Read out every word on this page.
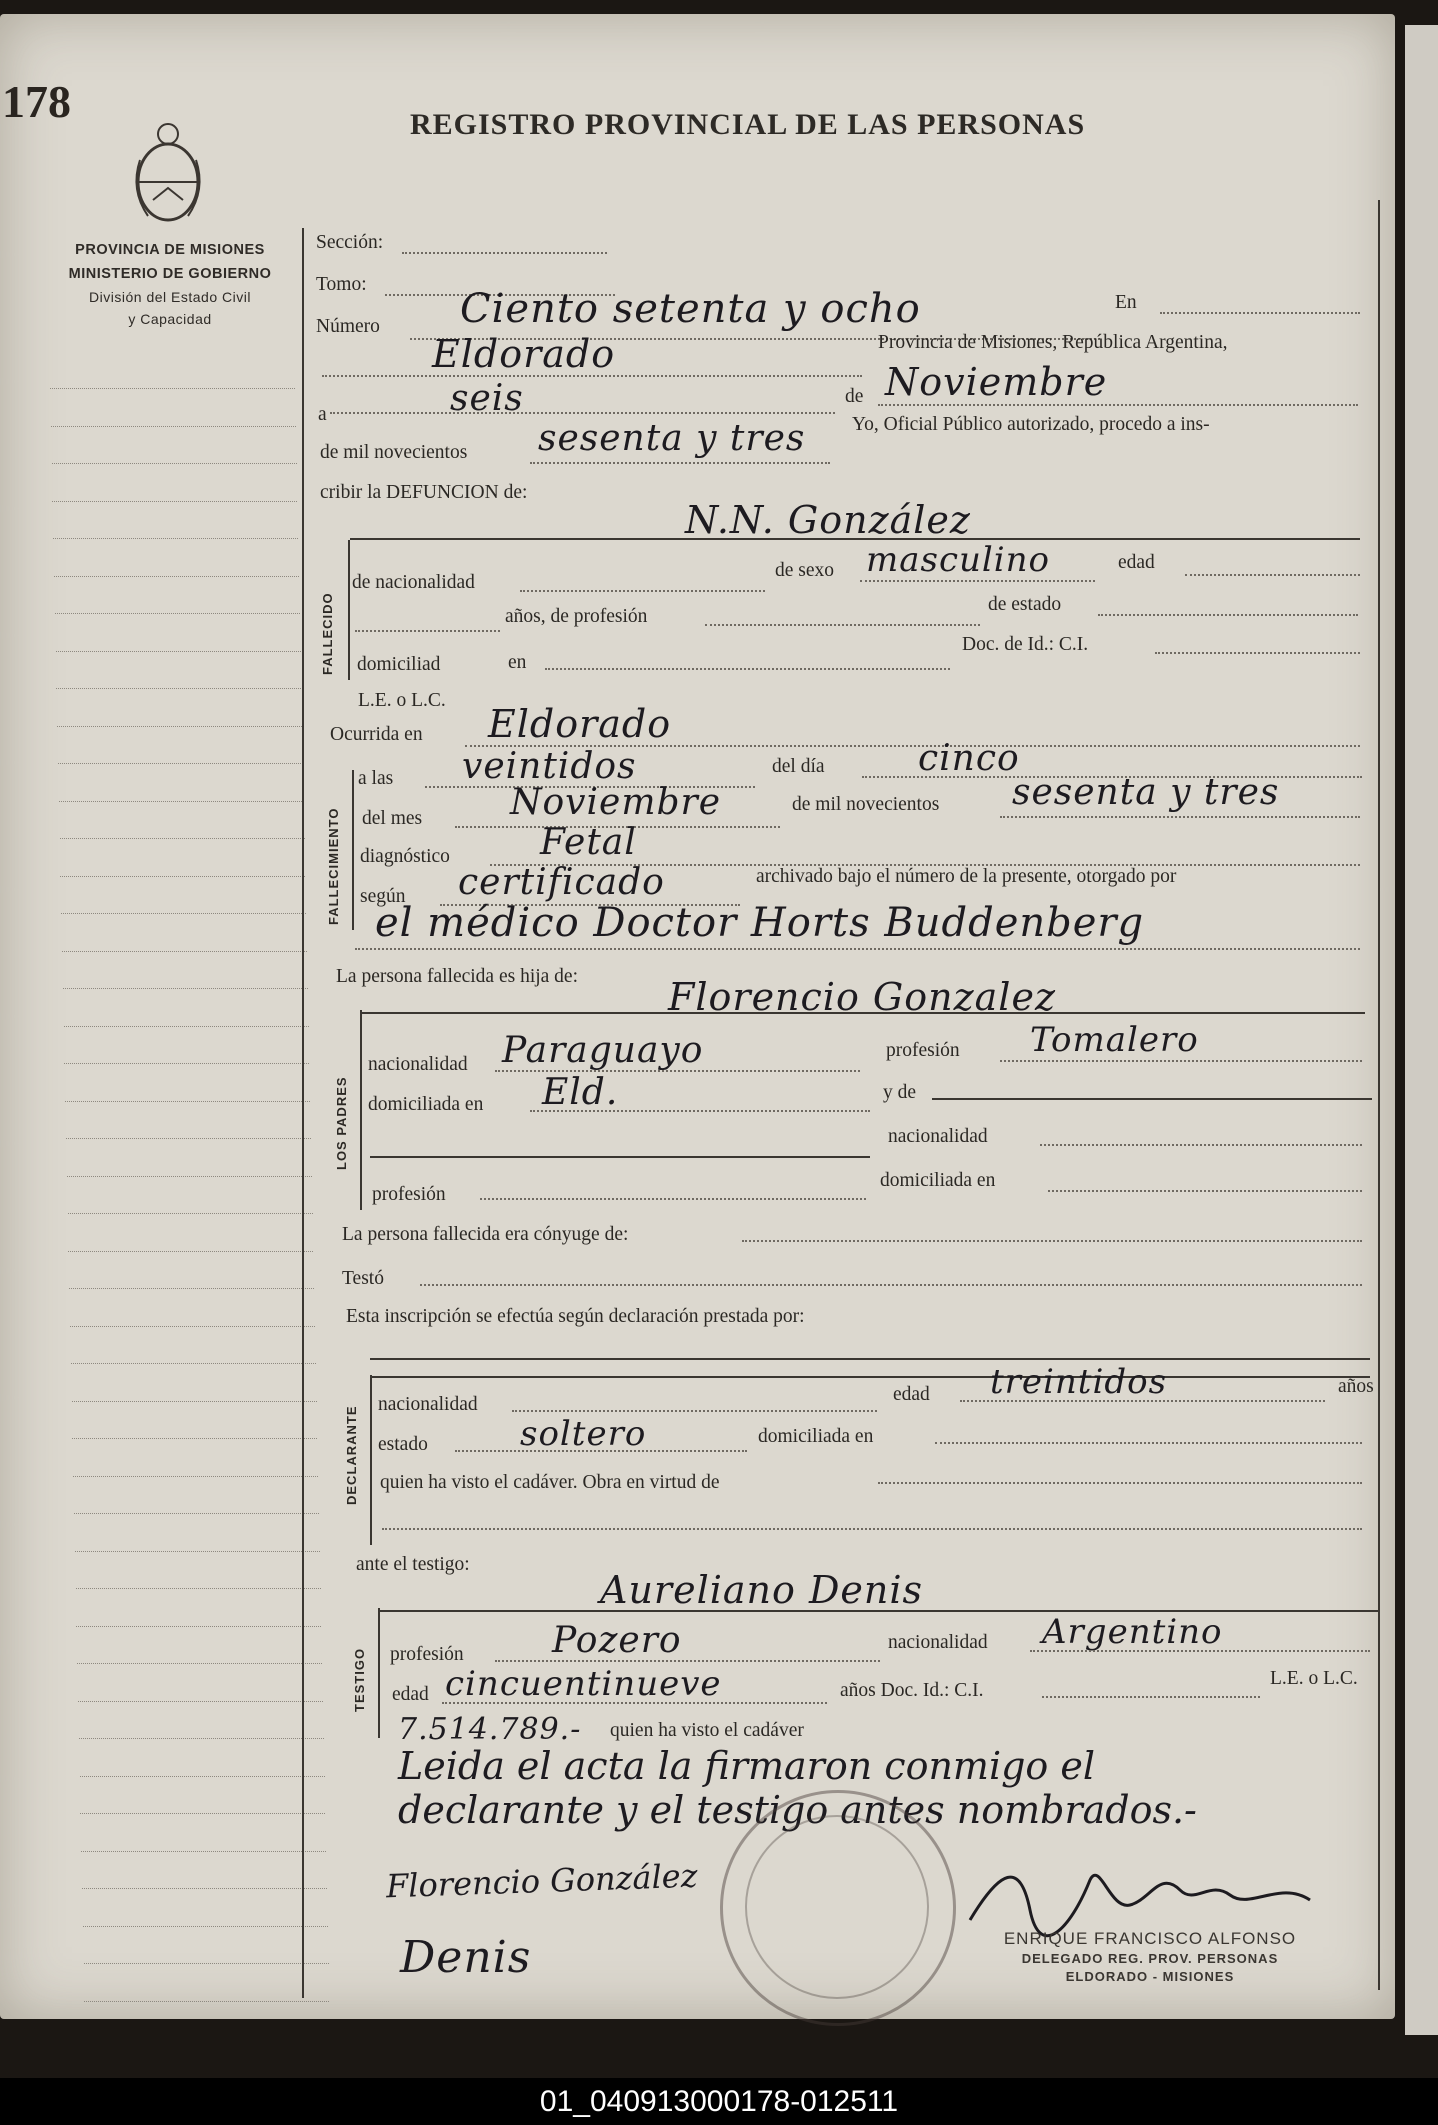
178	REGISTRO PROVINCIAL DE LAS PERSONAS
PROVINCIA DE MISIONES
MINISTERIO DE GOBIERNO
División del Estado Civil
y Capacidad
FALLECIDO
FALLECIMIENTO
LOS PADRES
DECLARANTE
TESTIGO
Sección:
Tomo:
Número Ciento setenta y ocho	En
Eldorado	Provincia de Misiones, República Argentina,
a	seis	de Noviembre
de mil novecientos sesenta y tres Yo, Oficial Público autorizado, procedo a ins-
cribir la DEFUNCION de:
N.N. González
de nacionalidad
de sexo masculino	edad
años, de profesión
de estado
domiciliad	en
Doc. de Id.: C.I.
L.E. o L.C.
Ocurrida en Eldorado
a las veintidos	del día	cinco
del mes Noviembre	de mil novecientos sesenta y tres
diagnóstico	Fetal
según certificado	archivado bajo el número de la presente, otorgado por
el médico Doctor Horts Buddenberg
La persona fallecida es hija de: Florencio Gonzalez
nacionalidad Paraguayo	profesión Tomalero
domiciliada en Eld.	y de
nacionalidad
profesión
domiciliada en
La persona fallecida era cónyuge de:
Testó
Esta inscripción se efectúa según declaración prestada por:
nacionalidad	edad treintidos	años
estado	soltero	domiciliada en
quien ha visto el cadáver. Obra en virtud de
ante el testigo:
Aureliano Denis
profesión Pozero	nacionalidad Argentino
edad cincuentinueve	años Doc. Id.: C.I.
L.E. o L.C.
7.514.789.- quien ha visto el cadáver
Leida el acta la firmaron conmigo el
declarante y el testigo antes nombrados.-
Florencio González
Denis	ENRIQUE FRANCISCO ALFONSO
DELEGADO REG. PROV. PERSONAS
ELDORADO - MISIONES
01_040913000178-012511
